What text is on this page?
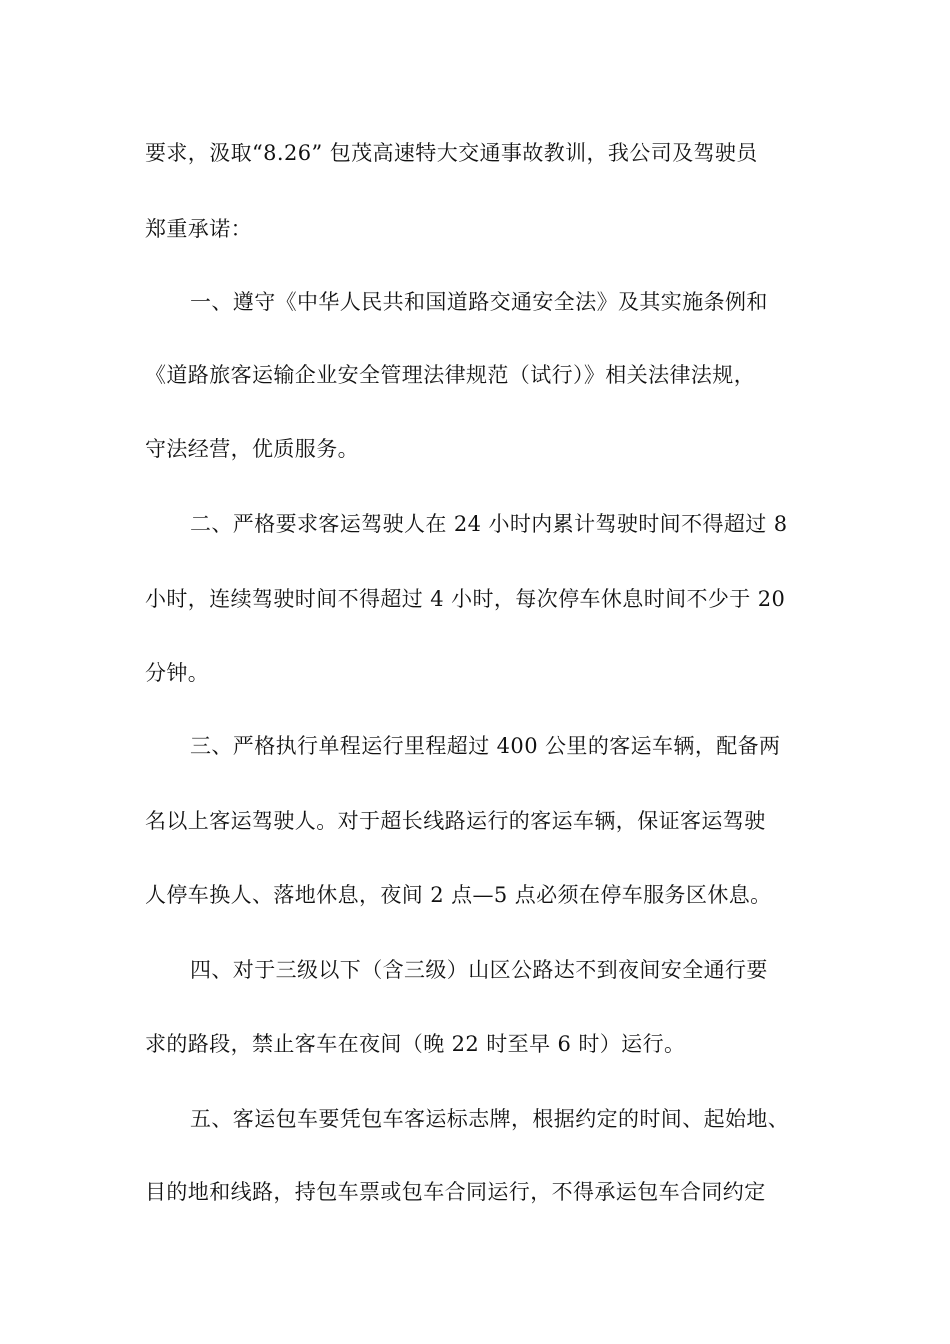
要求，汲取“8.26” 包茂高速特大交通事故教训，我公司及驾驶员
郑重承诺：
一、遵守《中华人民共和国道路交通安全法》及其实施条例和
《道路旅客运输企业安全管理法律规范（试行）》相关法律法规，
守法经营，优质服务。
二、严格要求客运驾驶人在 24 小时内累计驾驶时间不得超过 8
小时，连续驾驶时间不得超过 4 小时，每次停车休息时间不少于 20
分钟。
三、严格执行单程运行里程超过 400 公里的客运车辆，配备两
名以上客运驾驶人。对于超长线路运行的客运车辆，保证客运驾驶
人停车换人、落地休息，夜间 2 点—5 点必须在停车服务区休息。
四、对于三级以下（含三级）山区公路达不到夜间安全通行要
求的路段，禁止客车在夜间（晚 22 时至早 6 时）运行。
五、客运包车要凭包车客运标志牌，根据约定的时间、起始地、
目的地和线路，持包车票或包车合同运行，不得承运包车合同约定
